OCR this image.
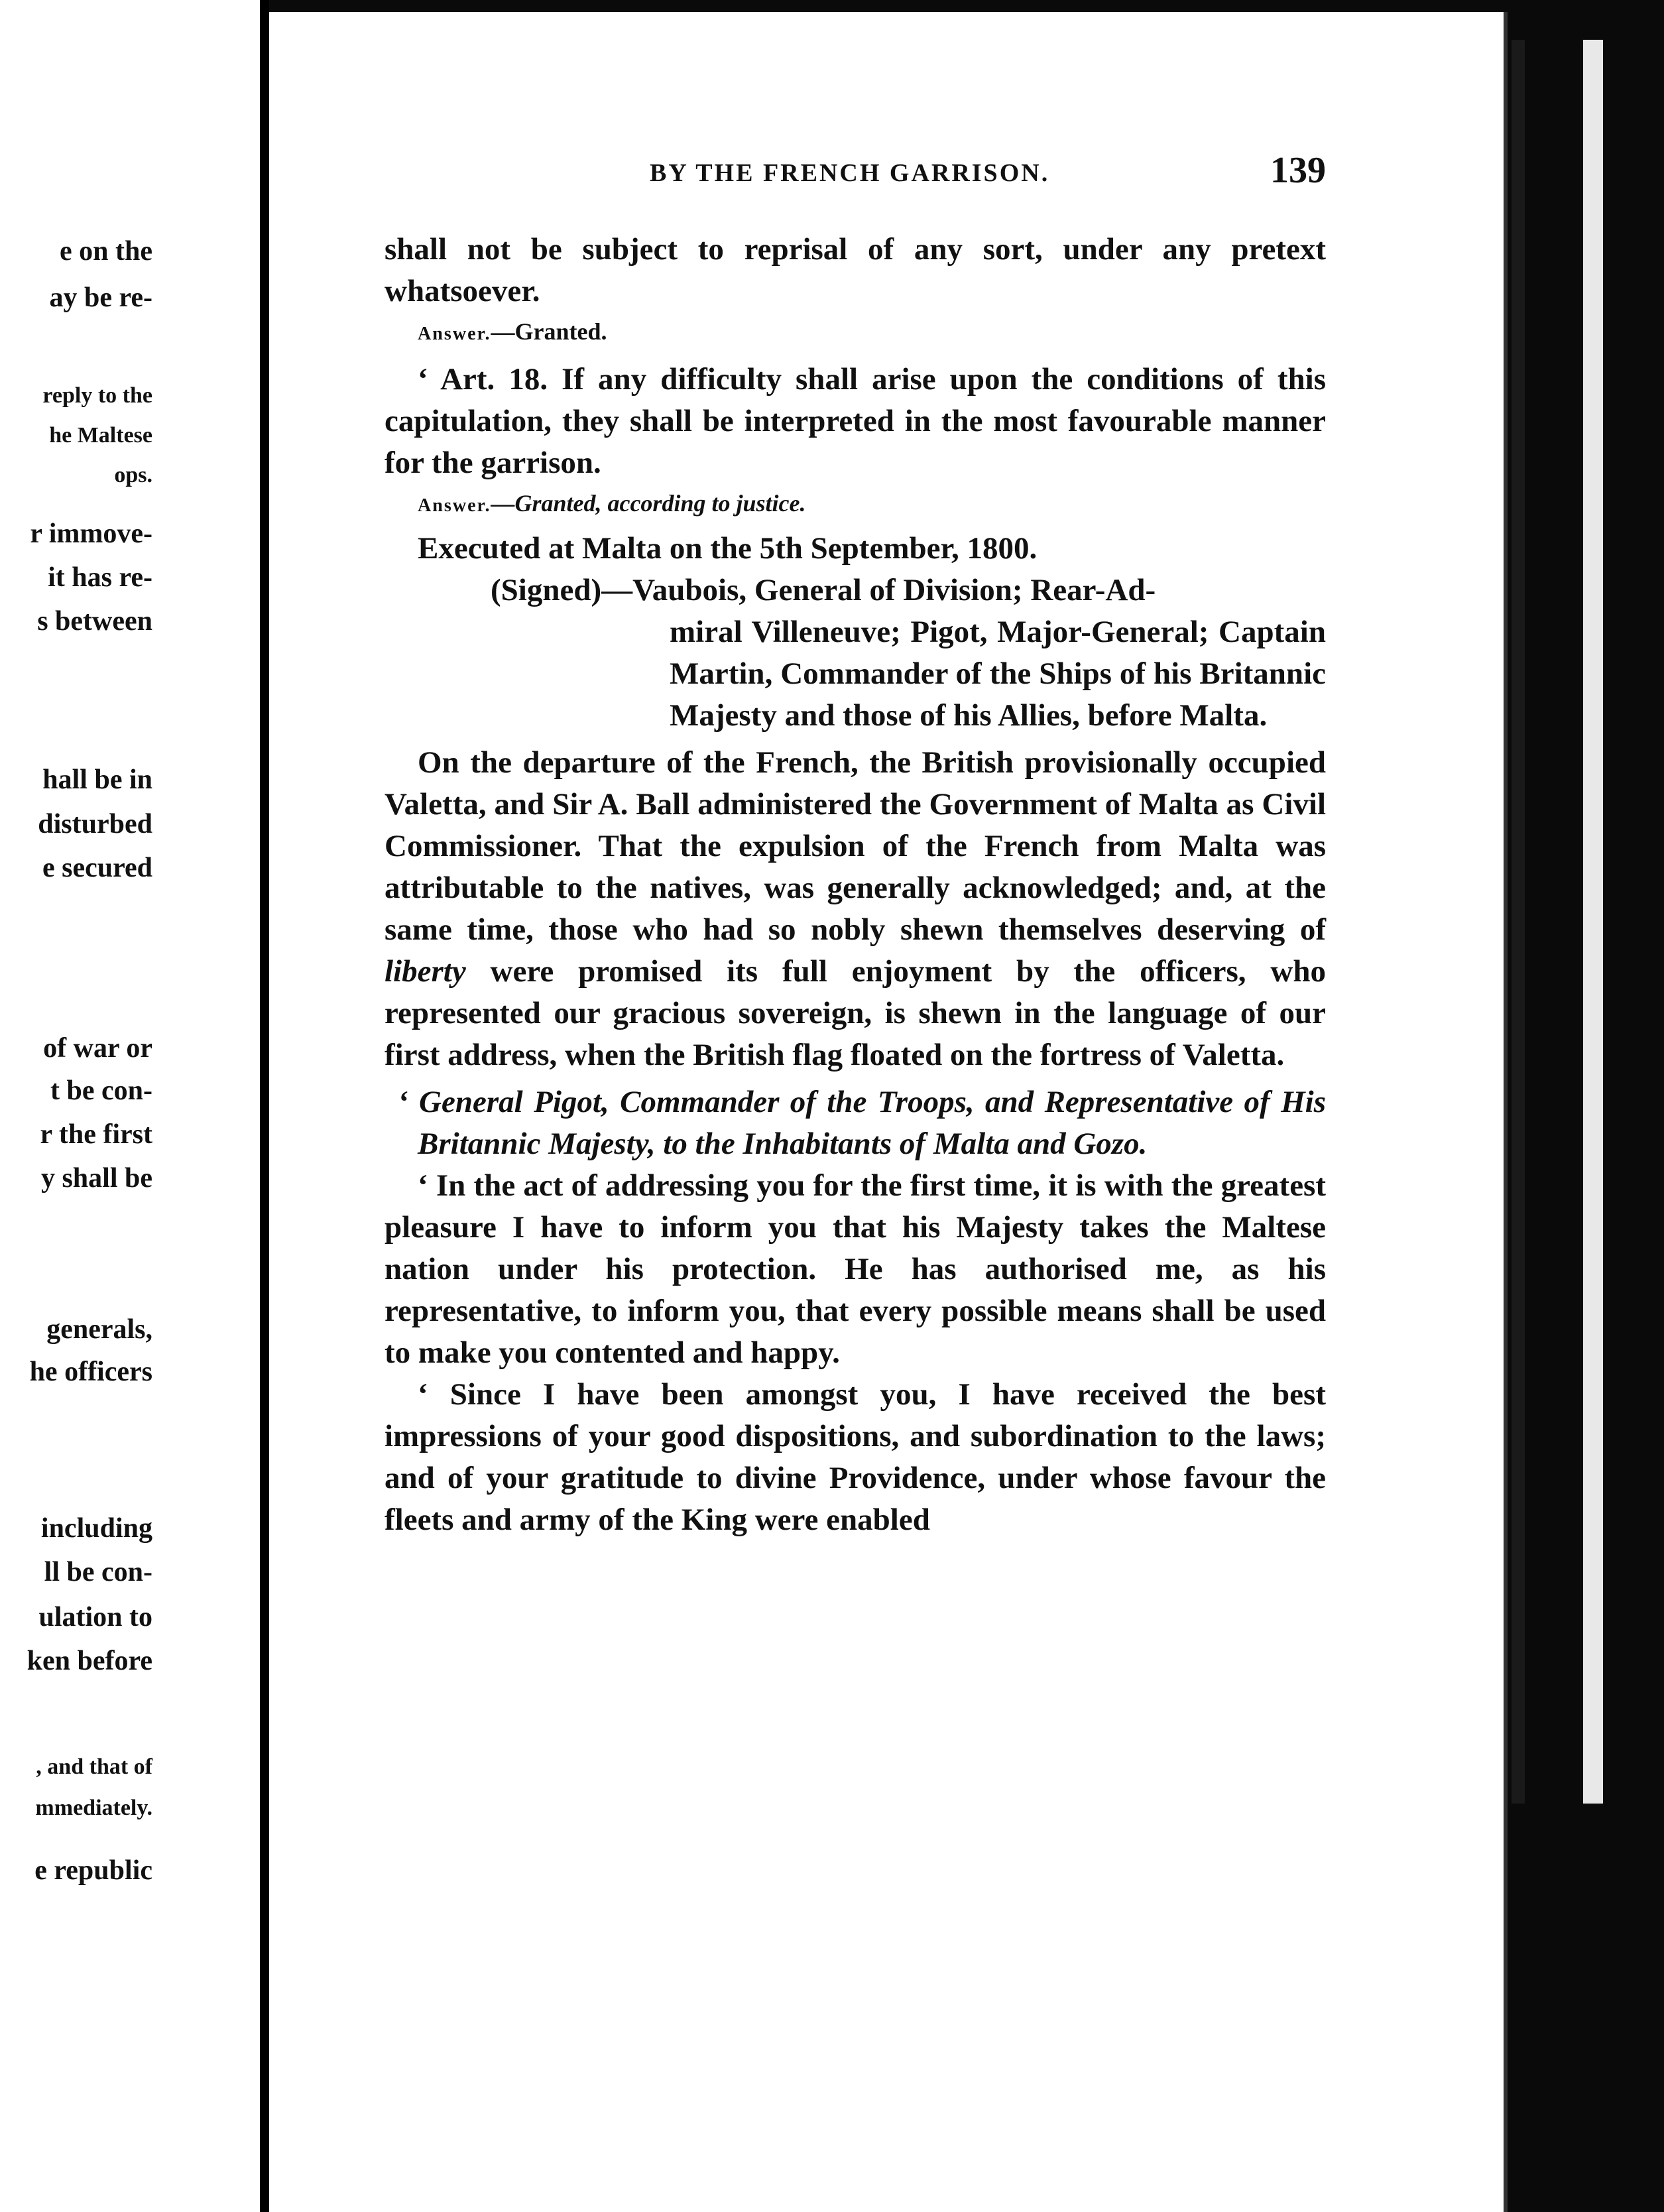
e on the
ay be re-
reply to the
he Maltese
ops.
r immove-
it has re-
s between
hall be in
disturbed
e secured
of war or
t be con-
r the first
y shall be
generals,
he officers
including
ll be con-
ulation to
ken before
, and that of
mmediately.
e republic
BY THE FRENCH GARRISON.	139

shall not be subject to reprisal of any sort, under any pretext whatsoever.

Answer.—Granted.

‘ Art. 18. If any difficulty shall arise upon the conditions of this capitulation, they shall be interpreted in the most favourable manner for the garrison.

Answer.—Granted, according to justice.

Executed at Malta on the 5th September, 1800.

(Signed)—Vaubois, General of Division; Rear-Ad-

miral Villeneuve; Pigot, Major-General; Captain Martin, Commander of the Ships of his Britannic Majesty and those of his Allies, before Malta.

On the departure of the French, the British provisionally occupied Valetta, and Sir A. Ball administered the Government of Malta as Civil Commissioner. That the expulsion of the French from Malta was attributable to the natives, was generally acknowledged; and, at the same time, those who had so nobly shewn themselves deserving of liberty were promised its full enjoyment by the officers, who represented our gracious sovereign, is shewn in the language of our first address, when the British flag floated on the fortress of Valetta.

‘ General Pigot, Commander of the Troops, and Representative of His Britannic Majesty, to the Inhabitants of Malta and Gozo.

‘ In the act of addressing you for the first time, it is with the greatest pleasure I have to inform you that his Majesty takes the Maltese nation under his protection. He has authorised me, as his representative, to inform you, that every possible means shall be used to make you contented and happy.

‘ Since I have been amongst you, I have received the best impressions of your good dispositions, and subordination to the laws; and of your gratitude to divine Providence, under whose favour the fleets and army of the King were enabled
